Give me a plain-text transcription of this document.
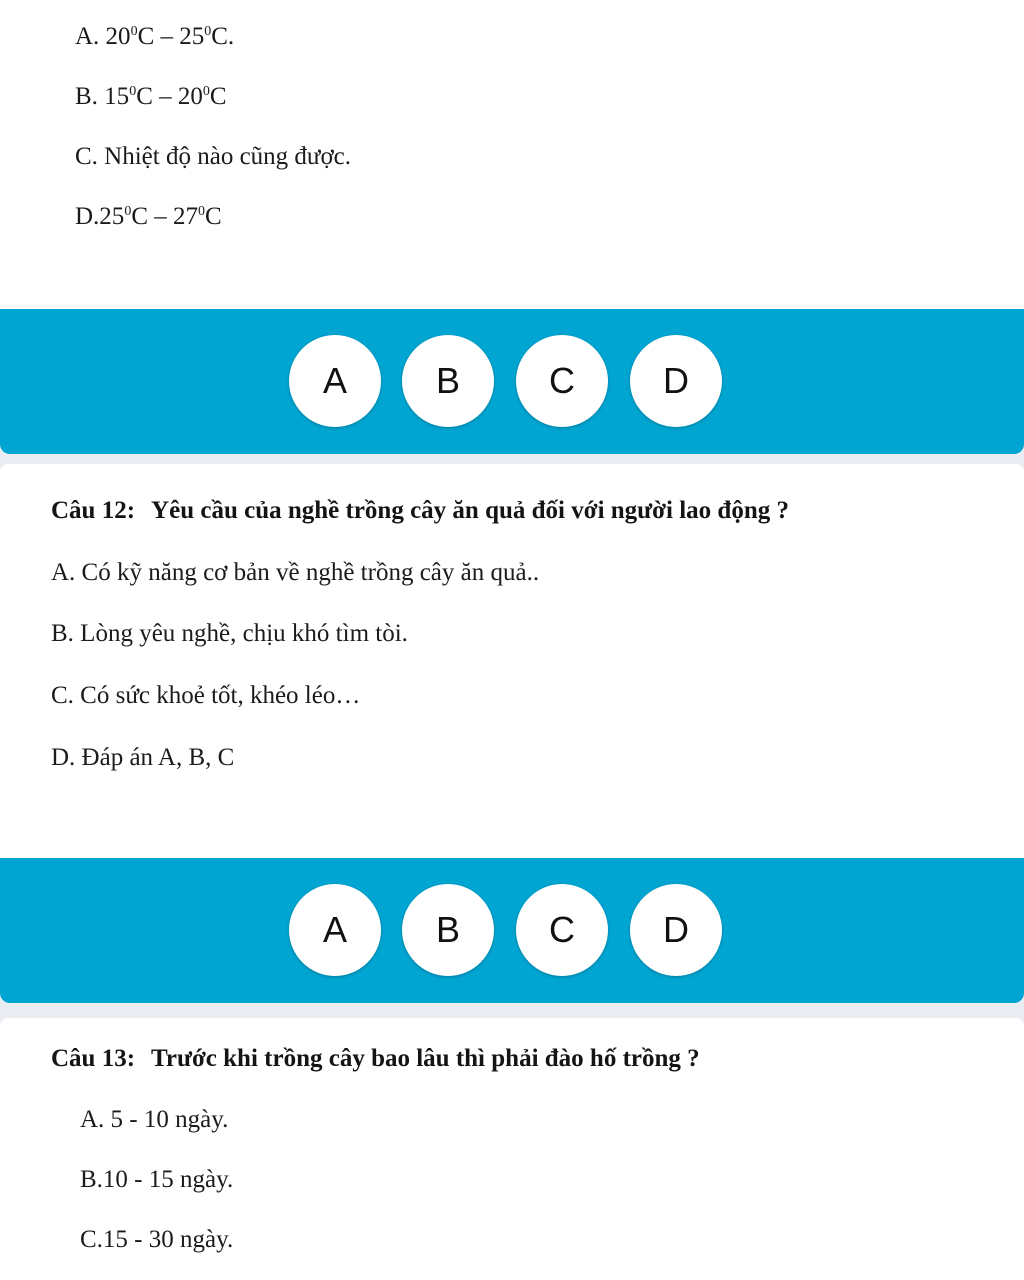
A. $20^0C - 25^0C$.
B. $15^0C - 20^0C$
C. Nhiệt độ nào cũng được.
$D.25^0C - 27^0C$
A	B	C	D
Câu 12: Yêu cầu của nghề trồng cây ăn quả đối với người lao động ?
A. Có kỹ năng cơ bản về nghề trồng cây ăn quả..
B. Lòng yêu nghề, chịu khó tìm tòi.
C. Có sức khoẻ tốt, khéo léo…
D. Đáp án A, B, C
A	B	C	D
Câu 13: Trước khi trồng cây bao lâu thì phải đào hố trồng ?
A. 5 - 10 ngày.
B.10 - 15 ngày.
C.15 - 30 ngày.
